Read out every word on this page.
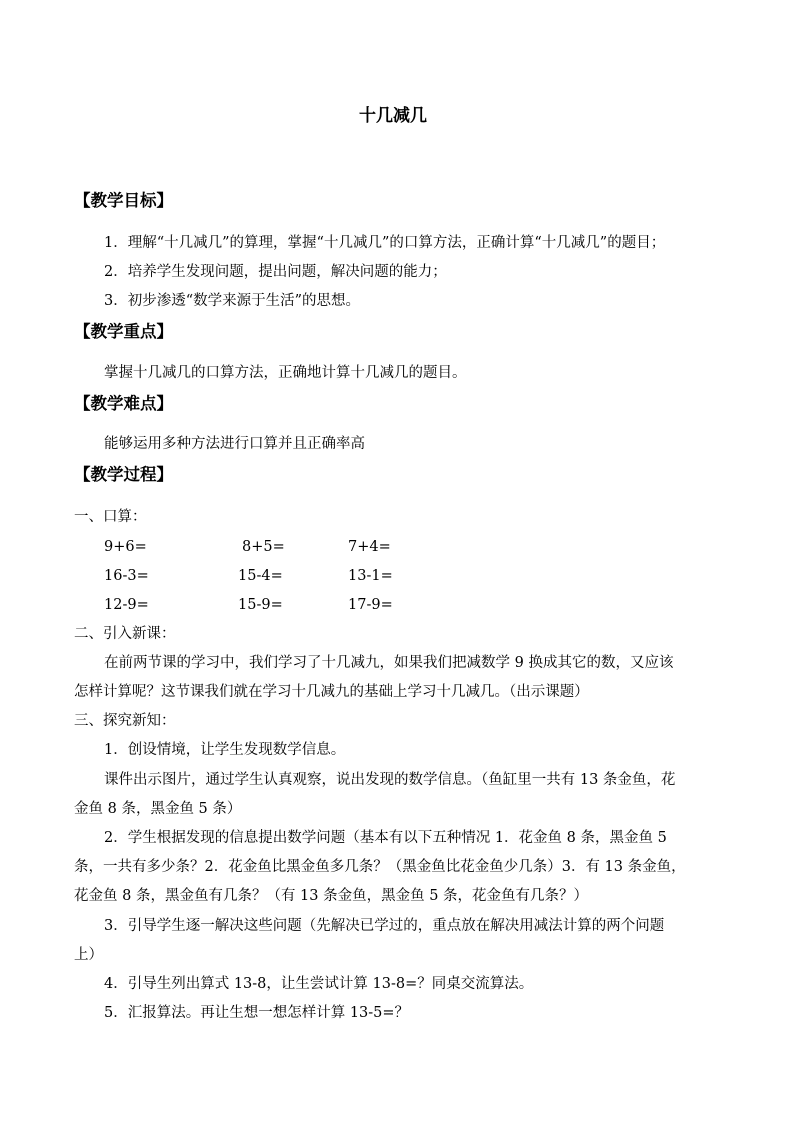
十几减几
【教学目标】
1．理解“十几减几”的算理，掌握“十几减几”的口算方法，正确计算“十几减几”的题目；
2．培养学生发现问题，提出问题，解决问题的能力；
3．初步渗透“数学来源于生活”的思想。
【教学重点】
掌握十几减几的口算方法，正确地计算十几减几的题目。
【教学难点】
能够运用多种方法进行口算并且正确率高
【教学过程】
一、口算：
9+6=	8+5=	7+4=
16-3=	15-4=	13-1=
12-9=	15-9=	17-9=
二、引入新课：
在前两节课的学习中，我们学习了十几减九，如果我们把减数学 9 换成其它的数，又应该
怎样计算呢？这节课我们就在学习十几减九的基础上学习十几减几。（出示课题）
三、探究新知：
1．创设情境，让学生发现数学信息。
课件出示图片，通过学生认真观察，说出发现的数学信息。（鱼缸里一共有 13 条金鱼，花
金鱼 8 条，黑金鱼 5 条）
2．学生根据发现的信息提出数学问题（基本有以下五种情况 1．花金鱼 8 条，黑金鱼 5
条，一共有多少条？2．花金鱼比黑金鱼多几条？（黑金鱼比花金鱼少几条）3．有 13 条金鱼，
花金鱼 8 条，黑金鱼有几条？（有 13 条金鱼，黑金鱼 5 条，花金鱼有几条？）
3．引导学生逐一解决这些问题（先解决已学过的，重点放在解决用减法计算的两个问题
上）
4．引导生列出算式 13-8，让生尝试计算 13-8=？同桌交流算法。
5．汇报算法。再让生想一想怎样计算 13-5=？
